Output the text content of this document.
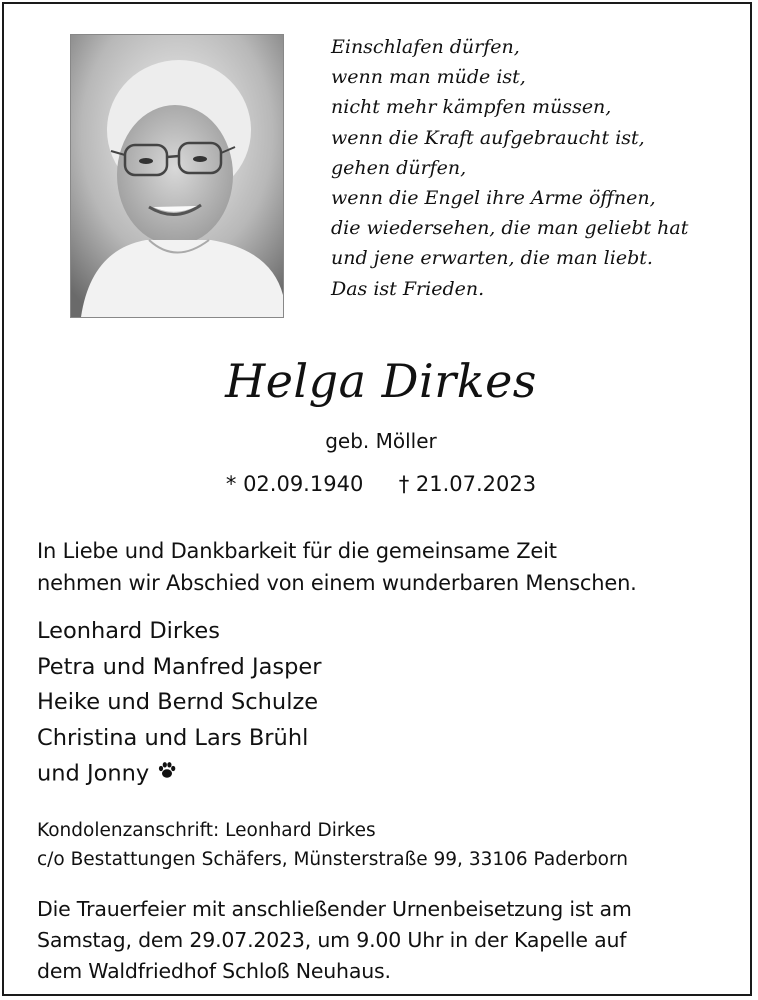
Einschlafen dürfen,
wenn man müde ist,
nicht mehr kämpfen müssen,
wenn die Kraft aufgebraucht ist,
gehen dürfen,
wenn die Engel ihre Arme öffnen,
die wiedersehen, die man geliebt hat
und jene erwarten, die man liebt.
Das ist Frieden.
Helga Dirkes
geb. Möller
* 02.09.1940 † 21.07.2023
In Liebe und Dankbarkeit für die gemeinsame Zeit
nehmen wir Abschied von einem wunderbaren Menschen.
Leonhard Dirkes
Petra und Manfred Jasper
Heike und Bernd Schulze
Christina und Lars Brühl
und Jonny
Kondolenzanschrift: Leonhard Dirkes
c/o Bestattungen Schäfers, Münsterstraße 99, 33106 Paderborn
Die Trauerfeier mit anschließender Urnenbeisetzung ist am
Samstag, dem 29.07.2023, um 9.00 Uhr in der Kapelle auf
dem Waldfriedhof Schloß Neuhaus.
